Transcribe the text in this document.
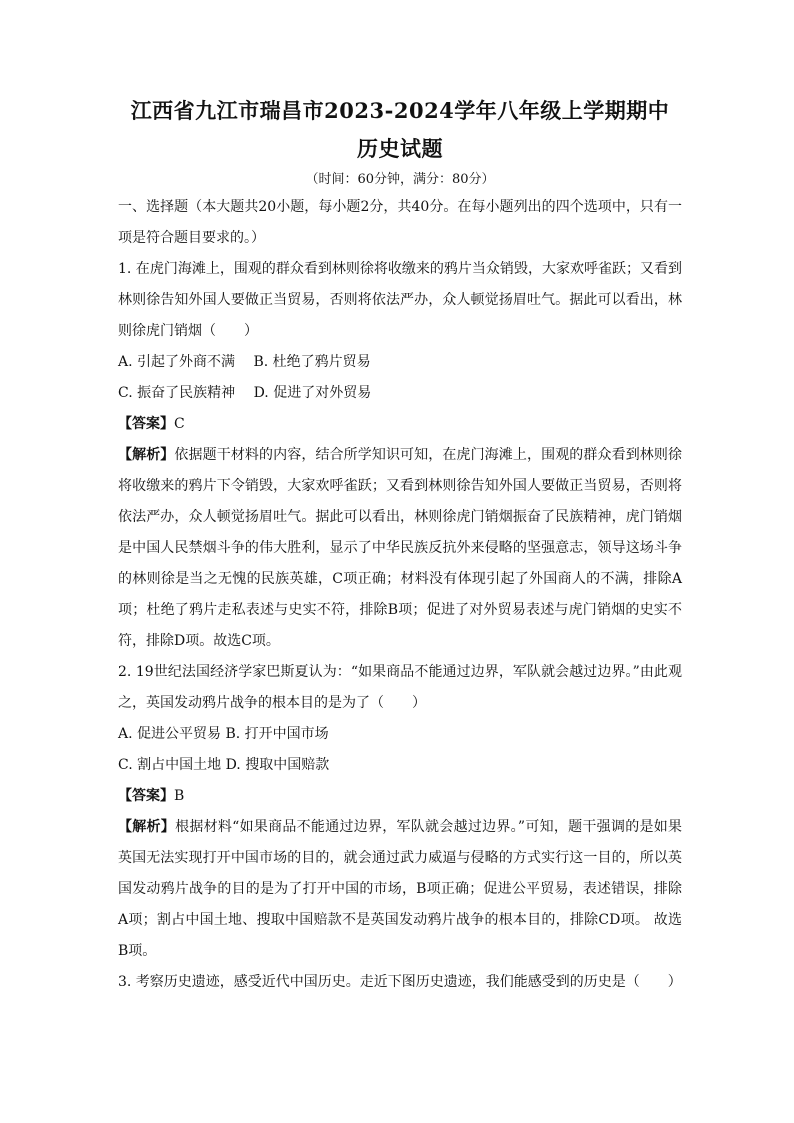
江西省九江市瑞昌市2023-2024学年八年级上学期期中
历史试题
（时间：60分钟，满分：80分）

一、选择题（本大题共20小题，每小题2分，共40分。在每小题列出的四个选项中，只有一项是符合题目要求的。）

1. 在虎门海滩上，围观的群众看到林则徐将收缴来的鸦片当众销毁，大家欢呼雀跃；又看到林则徐告知外国人要做正当贸易，否则将依法严办，众人顿觉扬眉吐气。据此可以看出，林则徐虎门销烟（　　）

A. 引起了外商不满　 B. 杜绝了鸦片贸易

C. 振奋了民族精神　 D. 促进了对外贸易

【答案】C

【解析】依据题干材料的内容，结合所学知识可知，在虎门海滩上，围观的群众看到林则徐将收缴来的鸦片下令销毁，大家欢呼雀跃；又看到林则徐告知外国人要做正当贸易，否则将依法严办，众人顿觉扬眉吐气。据此可以看出，林则徐虎门销烟振奋了民族精神，虎门销烟是中国人民禁烟斗争的伟大胜利，显示了中华民族反抗外来侵略的坚强意志，领导这场斗争的林则徐是当之无愧的民族英雄，C项正确；材料没有体现引起了外国商人的不满，排除A项；杜绝了鸦片走私表述与史实不符，排除B项；促进了对外贸易表述与虎门销烟的史实不符，排除D项。故选C项。

2. 19世纪法国经济学家巴斯夏认为：“如果商品不能通过边界，军队就会越过边界。”由此观之，英国发动鸦片战争的根本目的是为了（　　）

A. 促进公平贸易 B. 打开中国市场

C. 割占中国土地 D. 搜取中国赔款

【答案】B

【解析】根据材料“如果商品不能通过边界，军队就会越过边界。”可知，题干强调的是如果英国无法实现打开中国市场的目的，就会通过武力威逼与侵略的方式实行这一目的，所以英国发动鸦片战争的目的是为了打开中国的市场，B项正确；促进公平贸易，表述错误，排除A项；割占中国土地、搜取中国赔款不是英国发动鸦片战争的根本目的，排除CD项。 故选B项。

3. 考察历史遗迹，感受近代中国历史。走近下图历史遗迹，我们能感受到的历史是（　　）
